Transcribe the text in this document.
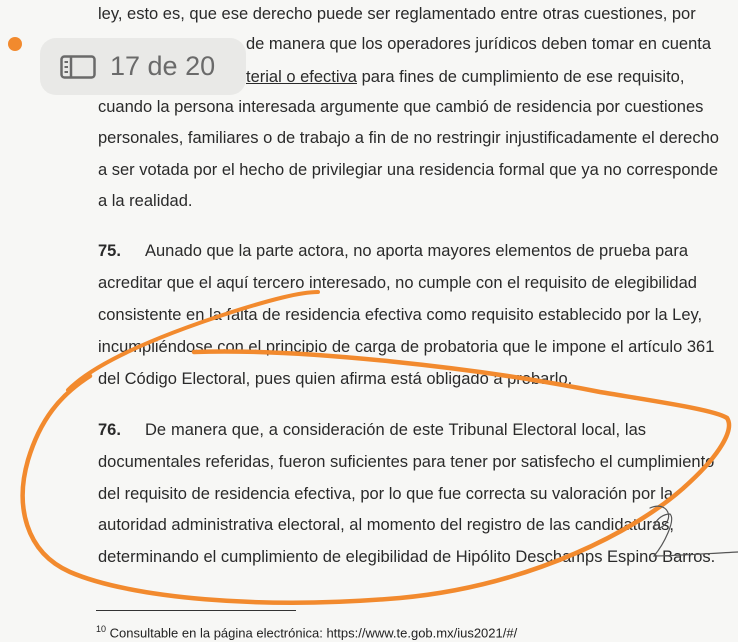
ley, esto es, que ese derecho puede ser reglamentado entre otras cuestiones, por
de manera que los operadores jurídicos deben tomar en cuenta
terial o efectiva para fines de cumplimiento de ese requisito,
cuando la persona interesada argumente que cambió de residencia por cuestiones
personales, familiares o de trabajo a fin de no restringir injustificadamente el derecho
a ser votada por el hecho de privilegiar una residencia formal que ya no corresponde
a la realidad.
75. Aunado que la parte actora, no aporta mayores elementos de prueba para
acreditar que el aquí tercero interesado, no cumple con el requisito de elegibilidad
consistente en la falta de residencia efectiva como requisito establecido por la Ley,
incumpliéndose con el principio de carga de probatoria que le impone el artículo 361
del Código Electoral, pues quien afirma está obligado a probarlo.
76. De manera que, a consideración de este Tribunal Electoral local, las
documentales referidas, fueron suficientes para tener por satisfecho el cumplimiento
del requisito de residencia efectiva, por lo que fue correcta su valoración por la
autoridad administrativa electoral, al momento del registro de las candidaturas,
determinando el cumplimiento de elegibilidad de Hipólito Deschamps Espino Barros.
$^{10}$ Consultable en la página electrónica: https://www.te.gob.mx/ius2021/#/
17 de 20
